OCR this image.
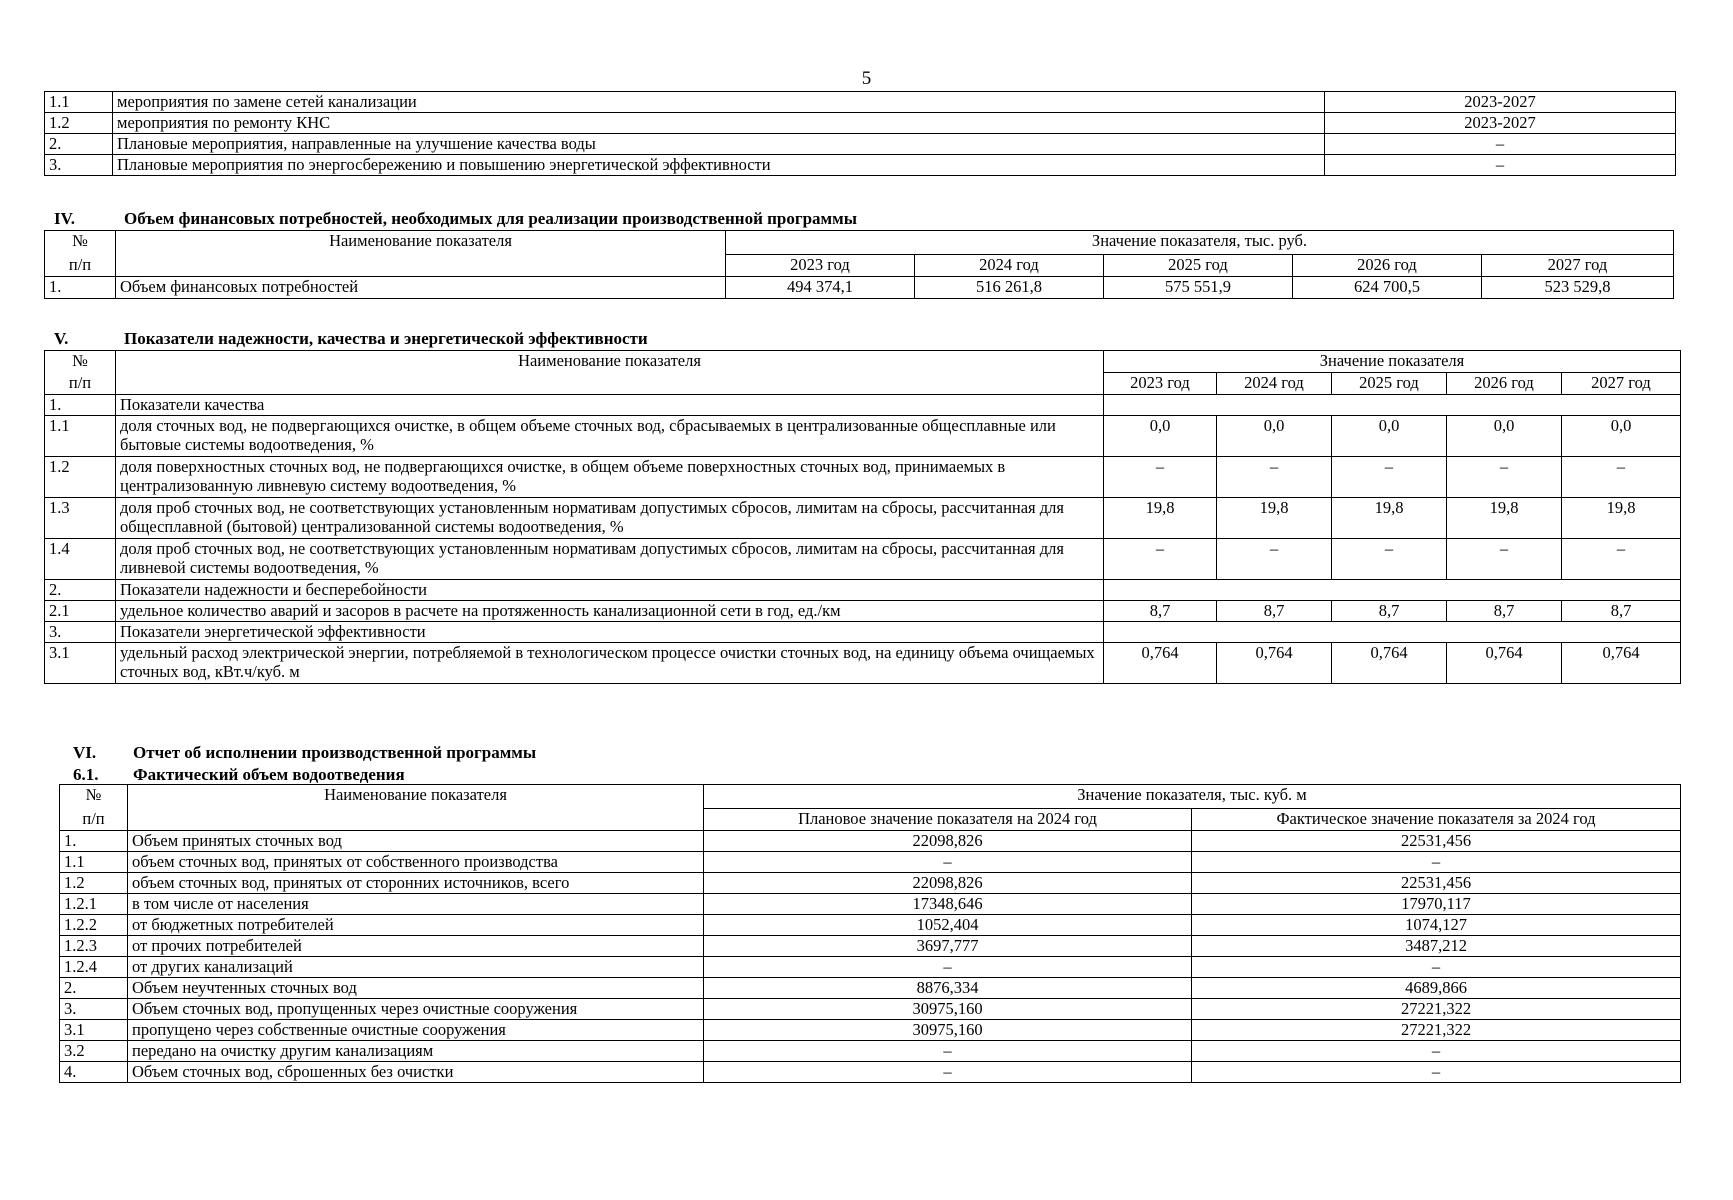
5
1.1	мероприятия по замене сетей канализации	2023-2027
1.2	мероприятия по ремонту КНС	2023-2027
2.	Плановые мероприятия, направленные на улучшение качества воды	–
3.	Плановые мероприятия по энергосбережению и повышению энергетической эффективности	–
IV.	Объем финансовых потребностей, необходимых для реализации производственной программы
№	Наименование показателя	Значение показателя, тыс. руб.				
п/п		2023 год	2024 год	2025 год	2026 год	2027 год
1.	Объем финансовых потребностей	494 374,1	516 261,8	575 551,9	624 700,5	523 529,8
V.	Показатели надежности, качества и энергетической эффективности
№	Наименование показателя	Значение показателя				
п/п		2023 год	2024 год	2025 год	2026 год	2027 год
1.	Показатели качества					
1.1	доля сточных вод, не подвергающихся очистке, в общем объеме сточных вод, сбрасываемых в централизованные общесплавные или бытовые системы водоотведения, %	0,0	0,0	0,0	0,0	0,0
1.2	доля поверхностных сточных вод, не подвергающихся очистке, в общем объеме поверхностных сточных вод, принимаемых в централизованную ливневую систему водоотведения, %	–	–	–	–	–
1.3	доля проб сточных вод, не соответствующих установленным нормативам допустимых сбросов, лимитам на сбросы, рассчитанная для общесплавной (бытовой) централизованной системы водоотведения, %	19,8	19,8	19,8	19,8	19,8
1.4	доля проб сточных вод, не соответствующих установленным нормативам допустимых сбросов, лимитам на сбросы, рассчитанная для ливневой системы водоотведения, %	–	–	–	–	–
2.	Показатели надежности и бесперебойности					
2.1	удельное количество аварий и засоров в расчете на протяженность канализационной сети в год, ед./км	8,7	8,7	8,7	8,7	8,7
3.	Показатели энергетической эффективности					
3.1	удельный расход электрической энергии, потребляемой в технологическом процессе очистки сточных вод, на единицу объема очищаемых сточных вод, кВт.ч/куб. м	0,764	0,764	0,764	0,764	0,764
VI. Отчет об исполнении производственной программы
6.1. Фактический объем водоотведения
№	Наименование показателя	Значение показателя, тыс. куб. м	
п/п		Плановое значение показателя на 2024 год	Фактическое значение показателя за 2024 год
1.	Объем принятых сточных вод	22098,826	22531,456
1.1	объем сточных вод, принятых от собственного производства	–	–
1.2	объем сточных вод, принятых от сторонних источников, всего	22098,826	22531,456
1.2.1	в том числе от населения	17348,646	17970,117
1.2.2	от бюджетных потребителей	1052,404	1074,127
1.2.3	от прочих потребителей	3697,777	3487,212
1.2.4	от других канализаций	–	–
2.	Объем неучтенных сточных вод	8876,334	4689,866
3.	Объем сточных вод, пропущенных через очистные сооружения	30975,160	27221,322
3.1	пропущено через собственные очистные сооружения	30975,160	27221,322
3.2	передано на очистку другим канализациям	–	–
4.	Объем сточных вод, сброшенных без очистки	–	–
